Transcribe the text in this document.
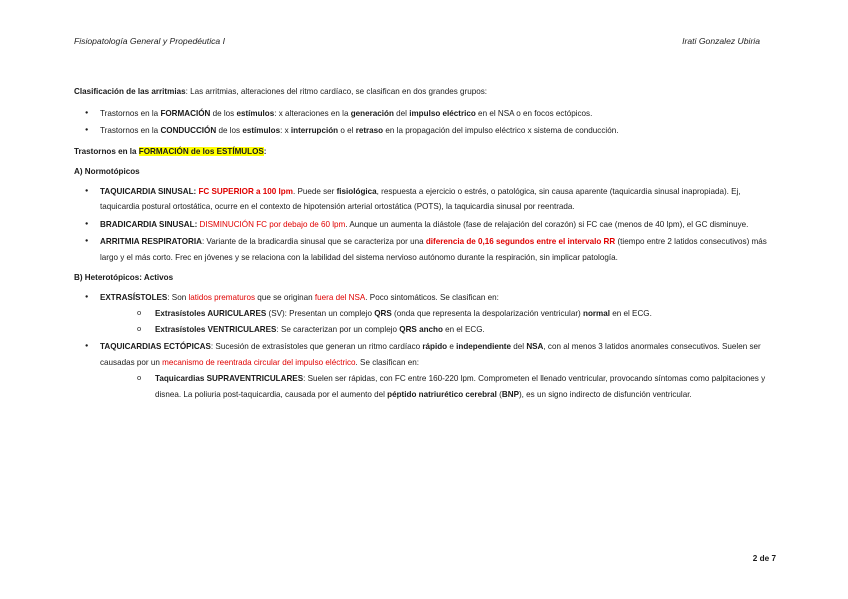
Fisiopatología General y Propedéutica I	Irati Gonzalez Ubiria

Clasificación de las arritmias: Las arritmias, alteraciones del ritmo cardíaco, se clasifican en dos grandes grupos:

● Trastornos en la FORMACIÓN de los estímulos: x alteraciones en la generación del impulso eléctrico en el NSA o en focos ectópicos.
● Trastornos en la CONDUCCIÓN de los estímulos: x interrupción o el retraso en la propagación del impulso eléctrico x sistema de conducción.

Trastornos en la FORMACIÓN de los ESTÍMULOS:

A) Normotópicos

● TAQUICARDIA SINUSAL: FC SUPERIOR a 100 lpm. Puede ser fisiológica, respuesta a ejercicio o estrés, o patológica, sin causa aparente (taquicardia sinusal inapropiada). Ej, taquicardia postural ortostática, ocurre en el contexto de hipotensión arterial ortostática (POTS), la taquicardia sinusal por reentrada.
● BRADICARDIA SINUSAL: DISMINUCIÓN FC por debajo de 60 lpm. Aunque un aumenta la diástole (fase de relajación del corazón) si FC cae (menos de 40 lpm), el GC disminuye.
● ARRITMIA RESPIRATORIA: Variante de la bradicardia sinusal que se caracteriza por una diferencia de 0,16 segundos entre el intervalo RR (tiempo entre 2 latidos consecutivos) más largo y el más corto. Frec en jóvenes y se relaciona con la labilidad del sistema nervioso autónomo durante la respiración, sin implicar patología.

B) Heterotópicos: Activos

● EXTRASÍSTOLES: Son latidos prematuros que se originan fuera del NSA. Poco sintomáticos. Se clasifican en:
o Extrasístoles AURICULARES (SV): Presentan un complejo QRS (onda que representa la despolarización ventricular) normal en el ECG.
o Extrasístoles VENTRICULARES: Se caracterizan por un complejo QRS ancho en el ECG.
● TAQUICARDIAS ECTÓPICAS: Sucesión de extrasístoles que generan un ritmo cardíaco rápido e independiente del NSA, con al menos 3 latidos anormales consecutivos. Suelen ser causadas por un mecanismo de reentrada circular del impulso eléctrico. Se clasifican en:
o Taquicardias SUPRAVENTRICULARES: Suelen ser rápidas, con FC entre 160-220 lpm. Comprometen el llenado ventricular, provocando síntomas como palpitaciones y disnea. La poliuria post-taquicardia, causada por el aumento del péptido natriurético cerebral (BNP), es un signo indirecto de disfunción ventricular.
2 de 7
